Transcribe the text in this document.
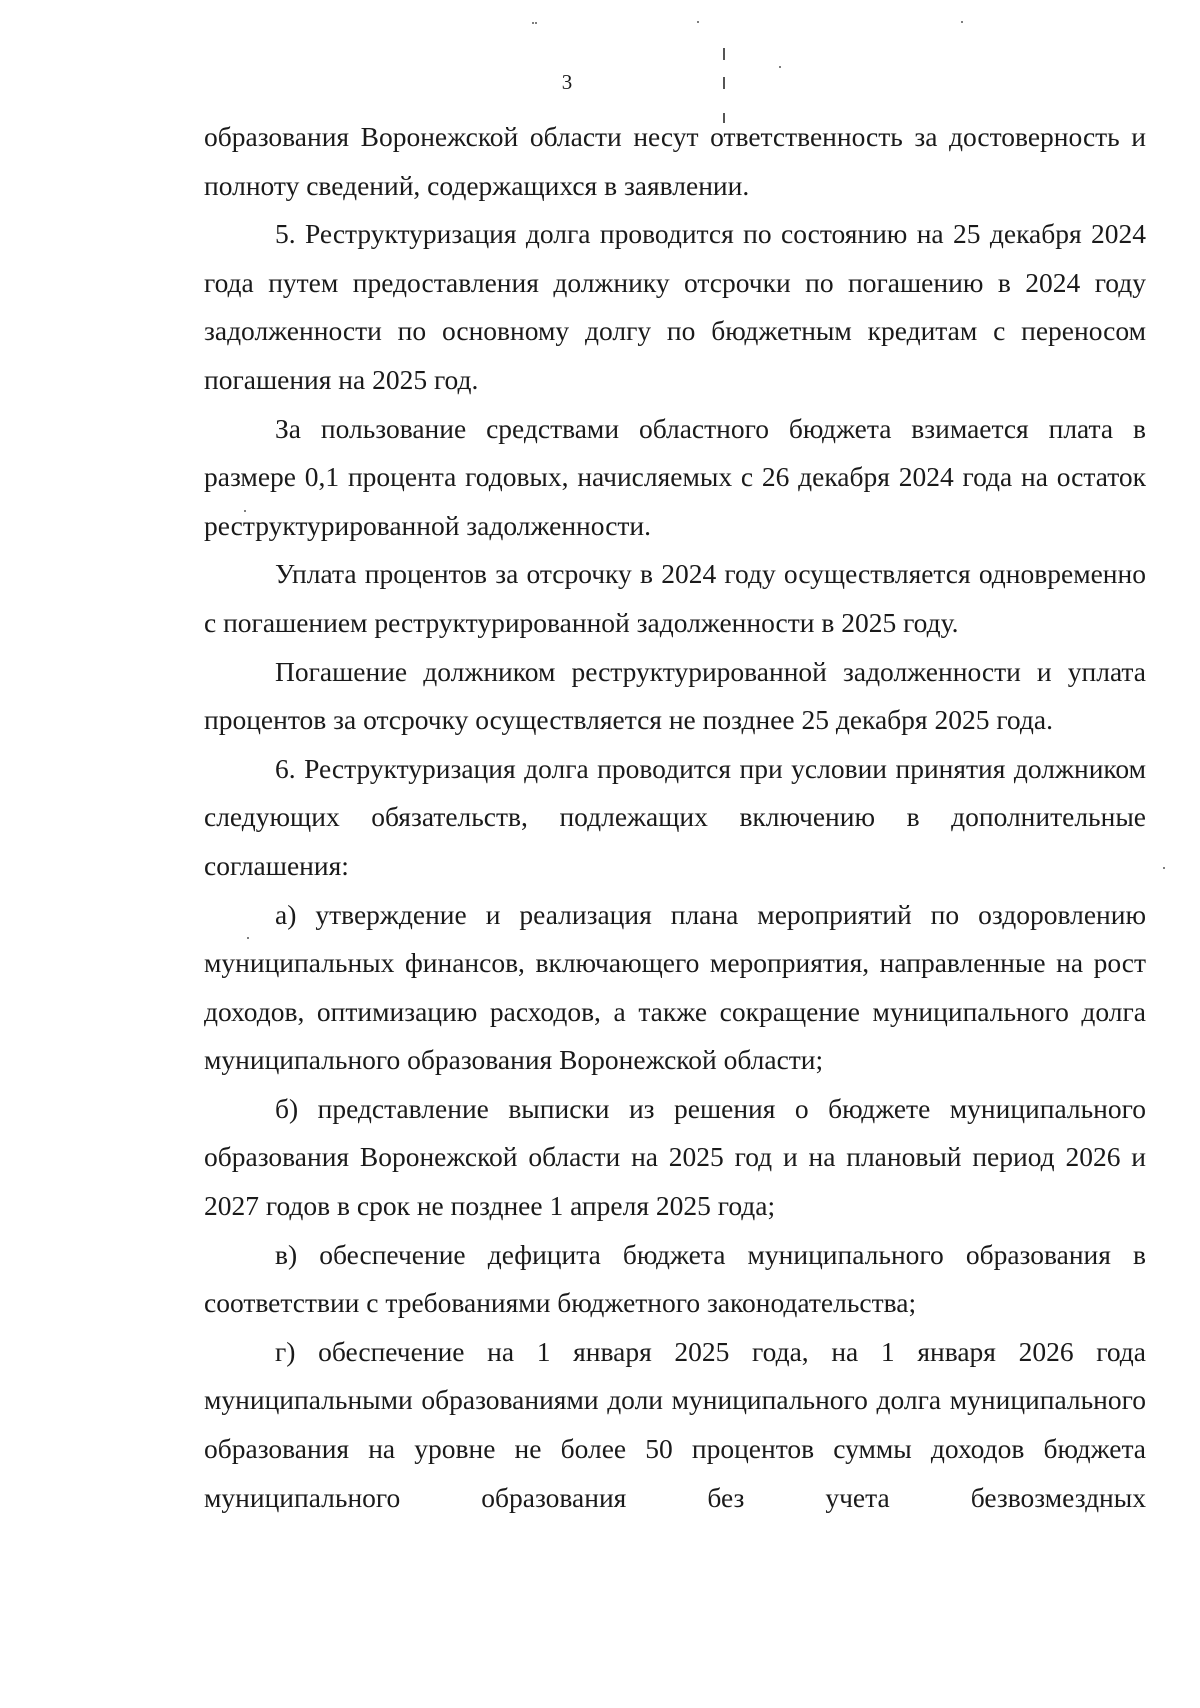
3

образования Воронежской области несут ответственность за достоверность и полноту сведений, содержащихся в заявлении.

5. Реструктуризация долга проводится по состоянию на 25 декабря 2024 года путем предоставления должнику отсрочки по погашению в 2024 году задолженности по основному долгу по бюджетным кредитам с переносом погашения на 2025 год.

За пользование средствами областного бюджета взимается плата в размере 0,1 процента годовых, начисляемых с 26 декабря 2024 года на остаток реструктурированной задолженности.

Уплата процентов за отсрочку в 2024 году осуществляется одновременно с погашением реструктурированной задолженности в 2025 году.

Погашение должником реструктурированной задолженности и уплата процентов за отсрочку осуществляется не позднее 25 декабря 2025 года.

6. Реструктуризация долга проводится при условии принятия должником следующих обязательств, подлежащих включению в дополнительные соглашения:

а) утверждение и реализация плана мероприятий по оздоровлению муниципальных финансов, включающего мероприятия, направленные на рост доходов, оптимизацию расходов, а также сокращение муниципального долга муниципального образования Воронежской области;

б) представление выписки из решения о бюджете муниципального образования Воронежской области на 2025 год и на плановый период 2026 и 2027 годов в срок не позднее 1 апреля 2025 года;

в) обеспечение дефицита бюджета муниципального образования в соответствии с требованиями бюджетного законодательства;

г) обеспечение на 1 января 2025 года, на 1 января 2026 года муниципальными образованиями доли муниципального долга муниципального образования на уровне не более 50 процентов суммы доходов бюджета муниципального образования без учета безвозмездных
